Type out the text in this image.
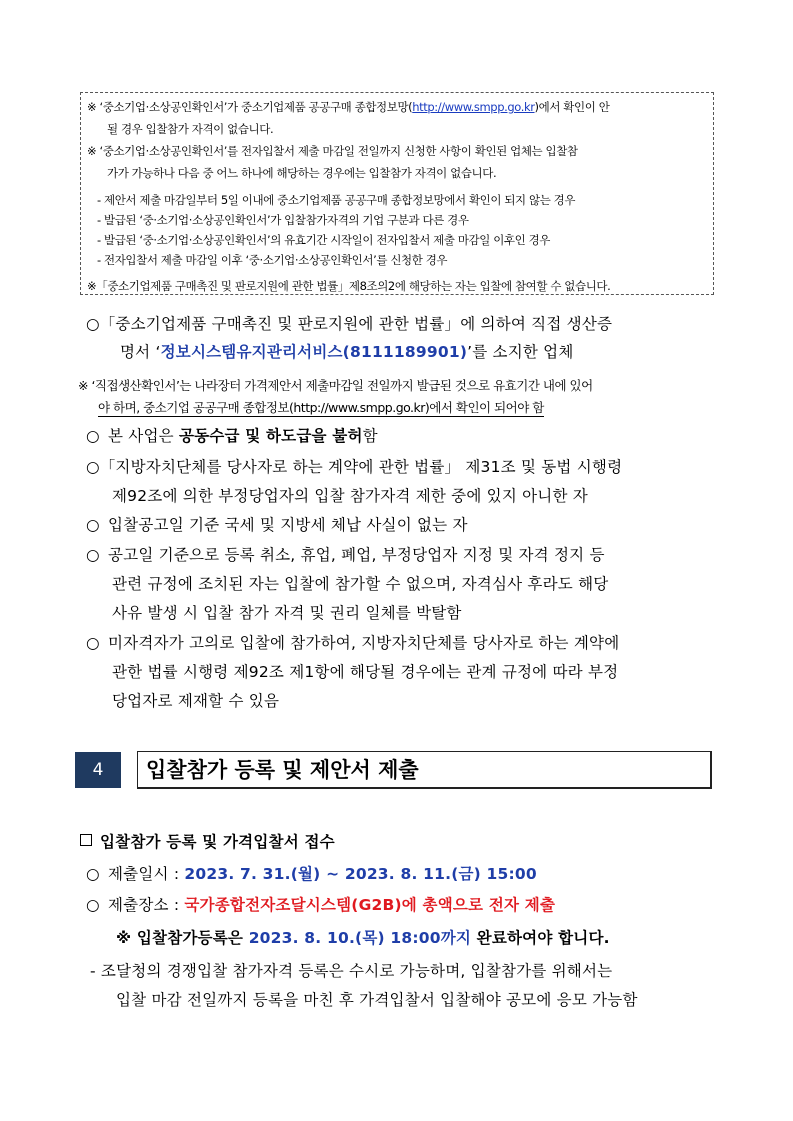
※ ‘중소기업·소상공인확인서’가 중소기업제품 공공구매 종합정보망(http://www.smpp.go.kr)에서 확인이 안
될 경우 입찰참가 자격이 없습니다.
※ ‘중소기업·소상공인확인서’를 전자입찰서 제출 마감일 전일까지 신청한 사항이 확인된 업체는 입찰참
가가 가능하나 다음 중 어느 하나에 해당하는 경우에는 입찰참가 자격이 없습니다.
- 제안서 제출 마감일부터 5일 이내에 중소기업제품 공공구매 종합정보망에서 확인이 되지 않는 경우
- 발급된 ‘중·소기업·소상공인확인서’가 입찰참가자격의 기업 구분과 다른 경우
- 발급된 ‘중·소기업·소상공인확인서’의 유효기간 시작일이 전자입찰서 제출 마감일 이후인 경우
- 전자입찰서 제출 마감일 이후 ‘중·소기업·소상공인확인서’를 신청한 경우
※「중소기업제품 구매촉진 및 판로지원에 관한 법률」제8조의2에 해당하는 자는 입찰에 참여할 수 없습니다.
○「중소기업제품 구매촉진 및 판로지원에 관한 법률」에 의하여 직접 생산증
명서 ‘정보시스템유지관리서비스(8111189901)’를 소지한 업체
※ ‘직접생산확인서’는 나라장터 가격제안서 제출마감일 전일까지 발급된 것으로 유효기간 내에 있어
야 하며, 중소기업 공공구매 종합정보(http://www.smpp.go.kr)에서 확인이 되어야 함
○ 본 사업은 공동수급 및 하도급을 불허함
○「지방자치단체를 당사자로 하는 계약에 관한 법률」 제31조 및 동법 시행령
제92조에 의한 부정당업자의 입찰 참가자격 제한 중에 있지 아니한 자
○ 입찰공고일 기준 국세 및 지방세 체납 사실이 없는 자
○ 공고일 기준으로 등록 취소, 휴업, 폐업, 부정당업자 지정 및 자격 정지 등
관련 규정에 조치된 자는 입찰에 참가할 수 없으며, 자격심사 후라도 해당
사유 발생 시 입찰 참가 자격 및 권리 일체를 박탈함
○ 미자격자가 고의로 입찰에 참가하여, 지방자치단체를 당사자로 하는 계약에
관한 법률 시행령 제92조 제1항에 해당될 경우에는 관계 규정에 따라 부정
당업자로 제재할 수 있음
4	입찰참가 등록 및 제안서 제출
입찰참가 등록 및 가격입찰서 접수
○ 제출일시 : 2023. 7. 31.(월) ~ 2023. 8. 11.(금) 15:00
○ 제출장소 : 국가종합전자조달시스템(G2B)에 총액으로 전자 제출
※ 입찰참가등록은 2023. 8. 10.(목) 18:00까지 완료하여야 합니다.
- 조달청의 경쟁입찰 참가자격 등록은 수시로 가능하며, 입찰참가를 위해서는
입찰 마감 전일까지 등록을 마친 후 가격입찰서 입찰해야 공모에 응모 가능함
